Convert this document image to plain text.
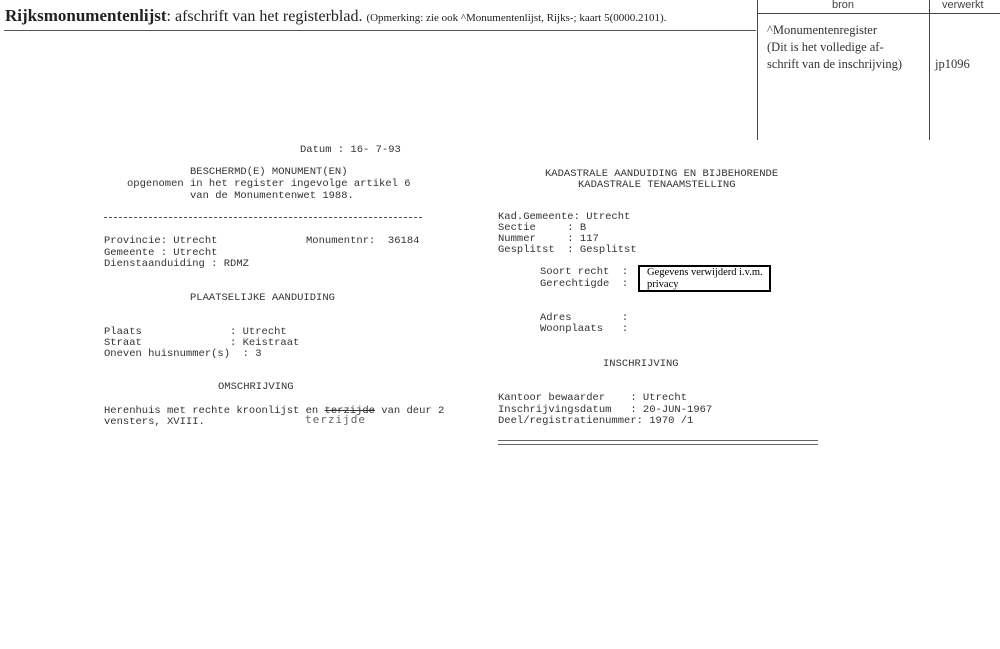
Rijksmonumentenlijst: afschrift van het registerblad. (Opmerking: zie ook ^Monumentenlijst, Rijks-; kaart 5(0000.2101).
bron	verwerkt
^Monumentenregister
(Dit is het volledige af-
schrift van de inschrijving)	jp1096
Datum : 16- 7-93
BESCHERMD(E) MONUMENT(EN)
opgenomen in het register ingevolge artikel 6
van de Monumentenwet 1988.
Provincie: Utrecht	Monumentnr:  36184
Gemeente : Utrecht
Dienstaanduiding : RDMZ
PLAATSELIJKE AANDUIDING
Plaats              : Utrecht
Straat              : Keistraat
Oneven huisnummer(s)  : 3
OMSCHRIJVING
Herenhuis met rechte kroonlijst en terzijde van deur 2
vensters, XVIII.	terzijde
KADASTRALE AANDUIDING EN BIJBEHORENDE
KADASTRALE TENAAMSTELLING
Kad.Gemeente: Utrecht
Sectie     : B
Nummer     : 117
Gesplitst  : Gesplitst
Soort recht  :
Gerechtigde  :
Gegevens verwijderd i.v.m. privacy
Adres        :
Woonplaats   :
INSCHRIJVING
Kantoor bewaarder    : Utrecht
Inschrijvingsdatum   : 20-JUN-1967
Deel/registratienummer: 1970 /1
